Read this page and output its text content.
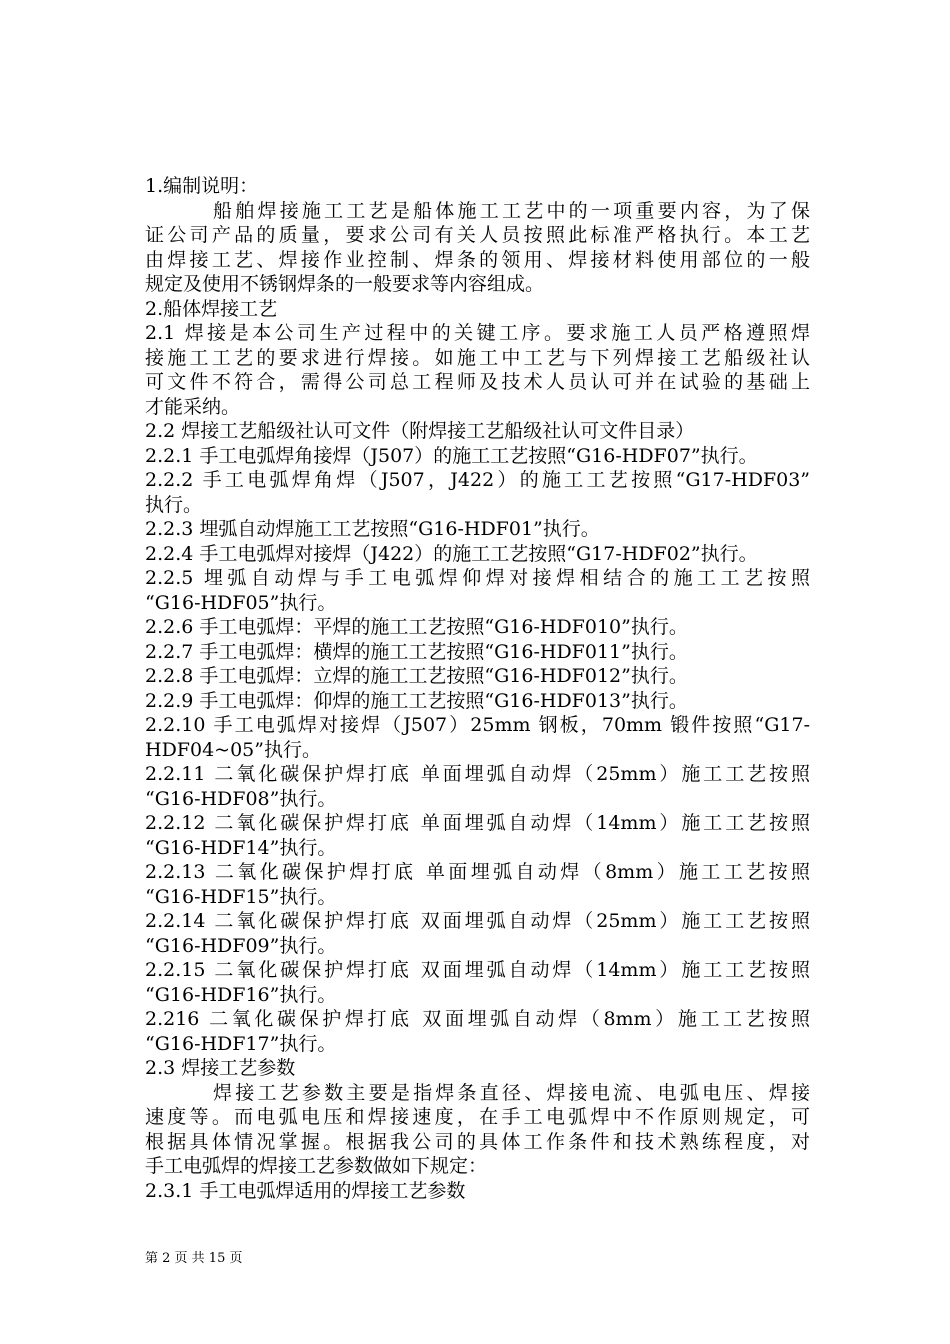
1.编制说明：
船舶焊接施工工艺是船体施工工艺中的一项重要内容，为了保
证公司产品的质量，要求公司有关人员按照此标准严格执行。本工艺
由焊接工艺、焊接作业控制、焊条的领用、焊接材料使用部位的一般
规定及使用不锈钢焊条的一般要求等内容组成。
2.船体焊接工艺
2.1 焊接是本公司生产过程中的关键工序。要求施工人员严格遵照焊
接施工工艺的要求进行焊接。如施工中工艺与下列焊接工艺船级社认
可文件不符合，需得公司总工程师及技术人员认可并在试验的基础上
才能采纳。
2.2 焊接工艺船级社认可文件（附焊接工艺船级社认可文件目录）
2.2.1 手工电弧焊角接焊（J507）的施工工艺按照“G16-HDF07”执行。
2.2.2 手工电弧焊角焊（J507，J422）的施工工艺按照“G17-HDF03”
执行。
2.2.3 埋弧自动焊施工工艺按照“G16-HDF01”执行。
2.2.4 手工电弧焊对接焊（J422）的施工工艺按照“G17-HDF02”执行。
2.2.5 埋弧自动焊与手工电弧焊仰焊对接焊相结合的施工工艺按照
“G16-HDF05”执行。
2.2.6 手工电弧焊：平焊的施工工艺按照“G16-HDF010”执行。
2.2.7 手工电弧焊：横焊的施工工艺按照“G16-HDF011”执行。
2.2.8 手工电弧焊：立焊的施工工艺按照“G16-HDF012”执行。
2.2.9 手工电弧焊：仰焊的施工工艺按照“G16-HDF013”执行。
2.2.10 手工电弧焊对接焊（J507）25mm 钢板，70mm 锻件按照“G17-
HDF04~05”执行。
2.2.11 二氧化碳保护焊打底 单面埋弧自动焊（25mm）施工工艺按照
“G16-HDF08”执行。
2.2.12 二氧化碳保护焊打底 单面埋弧自动焊（14mm）施工工艺按照
“G16-HDF14”执行。
2.2.13 二氧化碳保护焊打底 单面埋弧自动焊（8mm）施工工艺按照
“G16-HDF15”执行。
2.2.14 二氧化碳保护焊打底 双面埋弧自动焊（25mm）施工工艺按照
“G16-HDF09”执行。
2.2.15 二氧化碳保护焊打底 双面埋弧自动焊（14mm）施工工艺按照
“G16-HDF16”执行。
2.216 二氧化碳保护焊打底 双面埋弧自动焊（8mm）施工工艺按照
“G16-HDF17”执行。
2.3 焊接工艺参数
焊接工艺参数主要是指焊条直径、焊接电流、电弧电压、焊接
速度等。而电弧电压和焊接速度，在手工电弧焊中不作原则规定，可
根据具体情况掌握。根据我公司的具体工作条件和技术熟练程度，对
手工电弧焊的焊接工艺参数做如下规定：
2.3.1 手工电弧焊适用的焊接工艺参数
第 2 页 共 15 页
